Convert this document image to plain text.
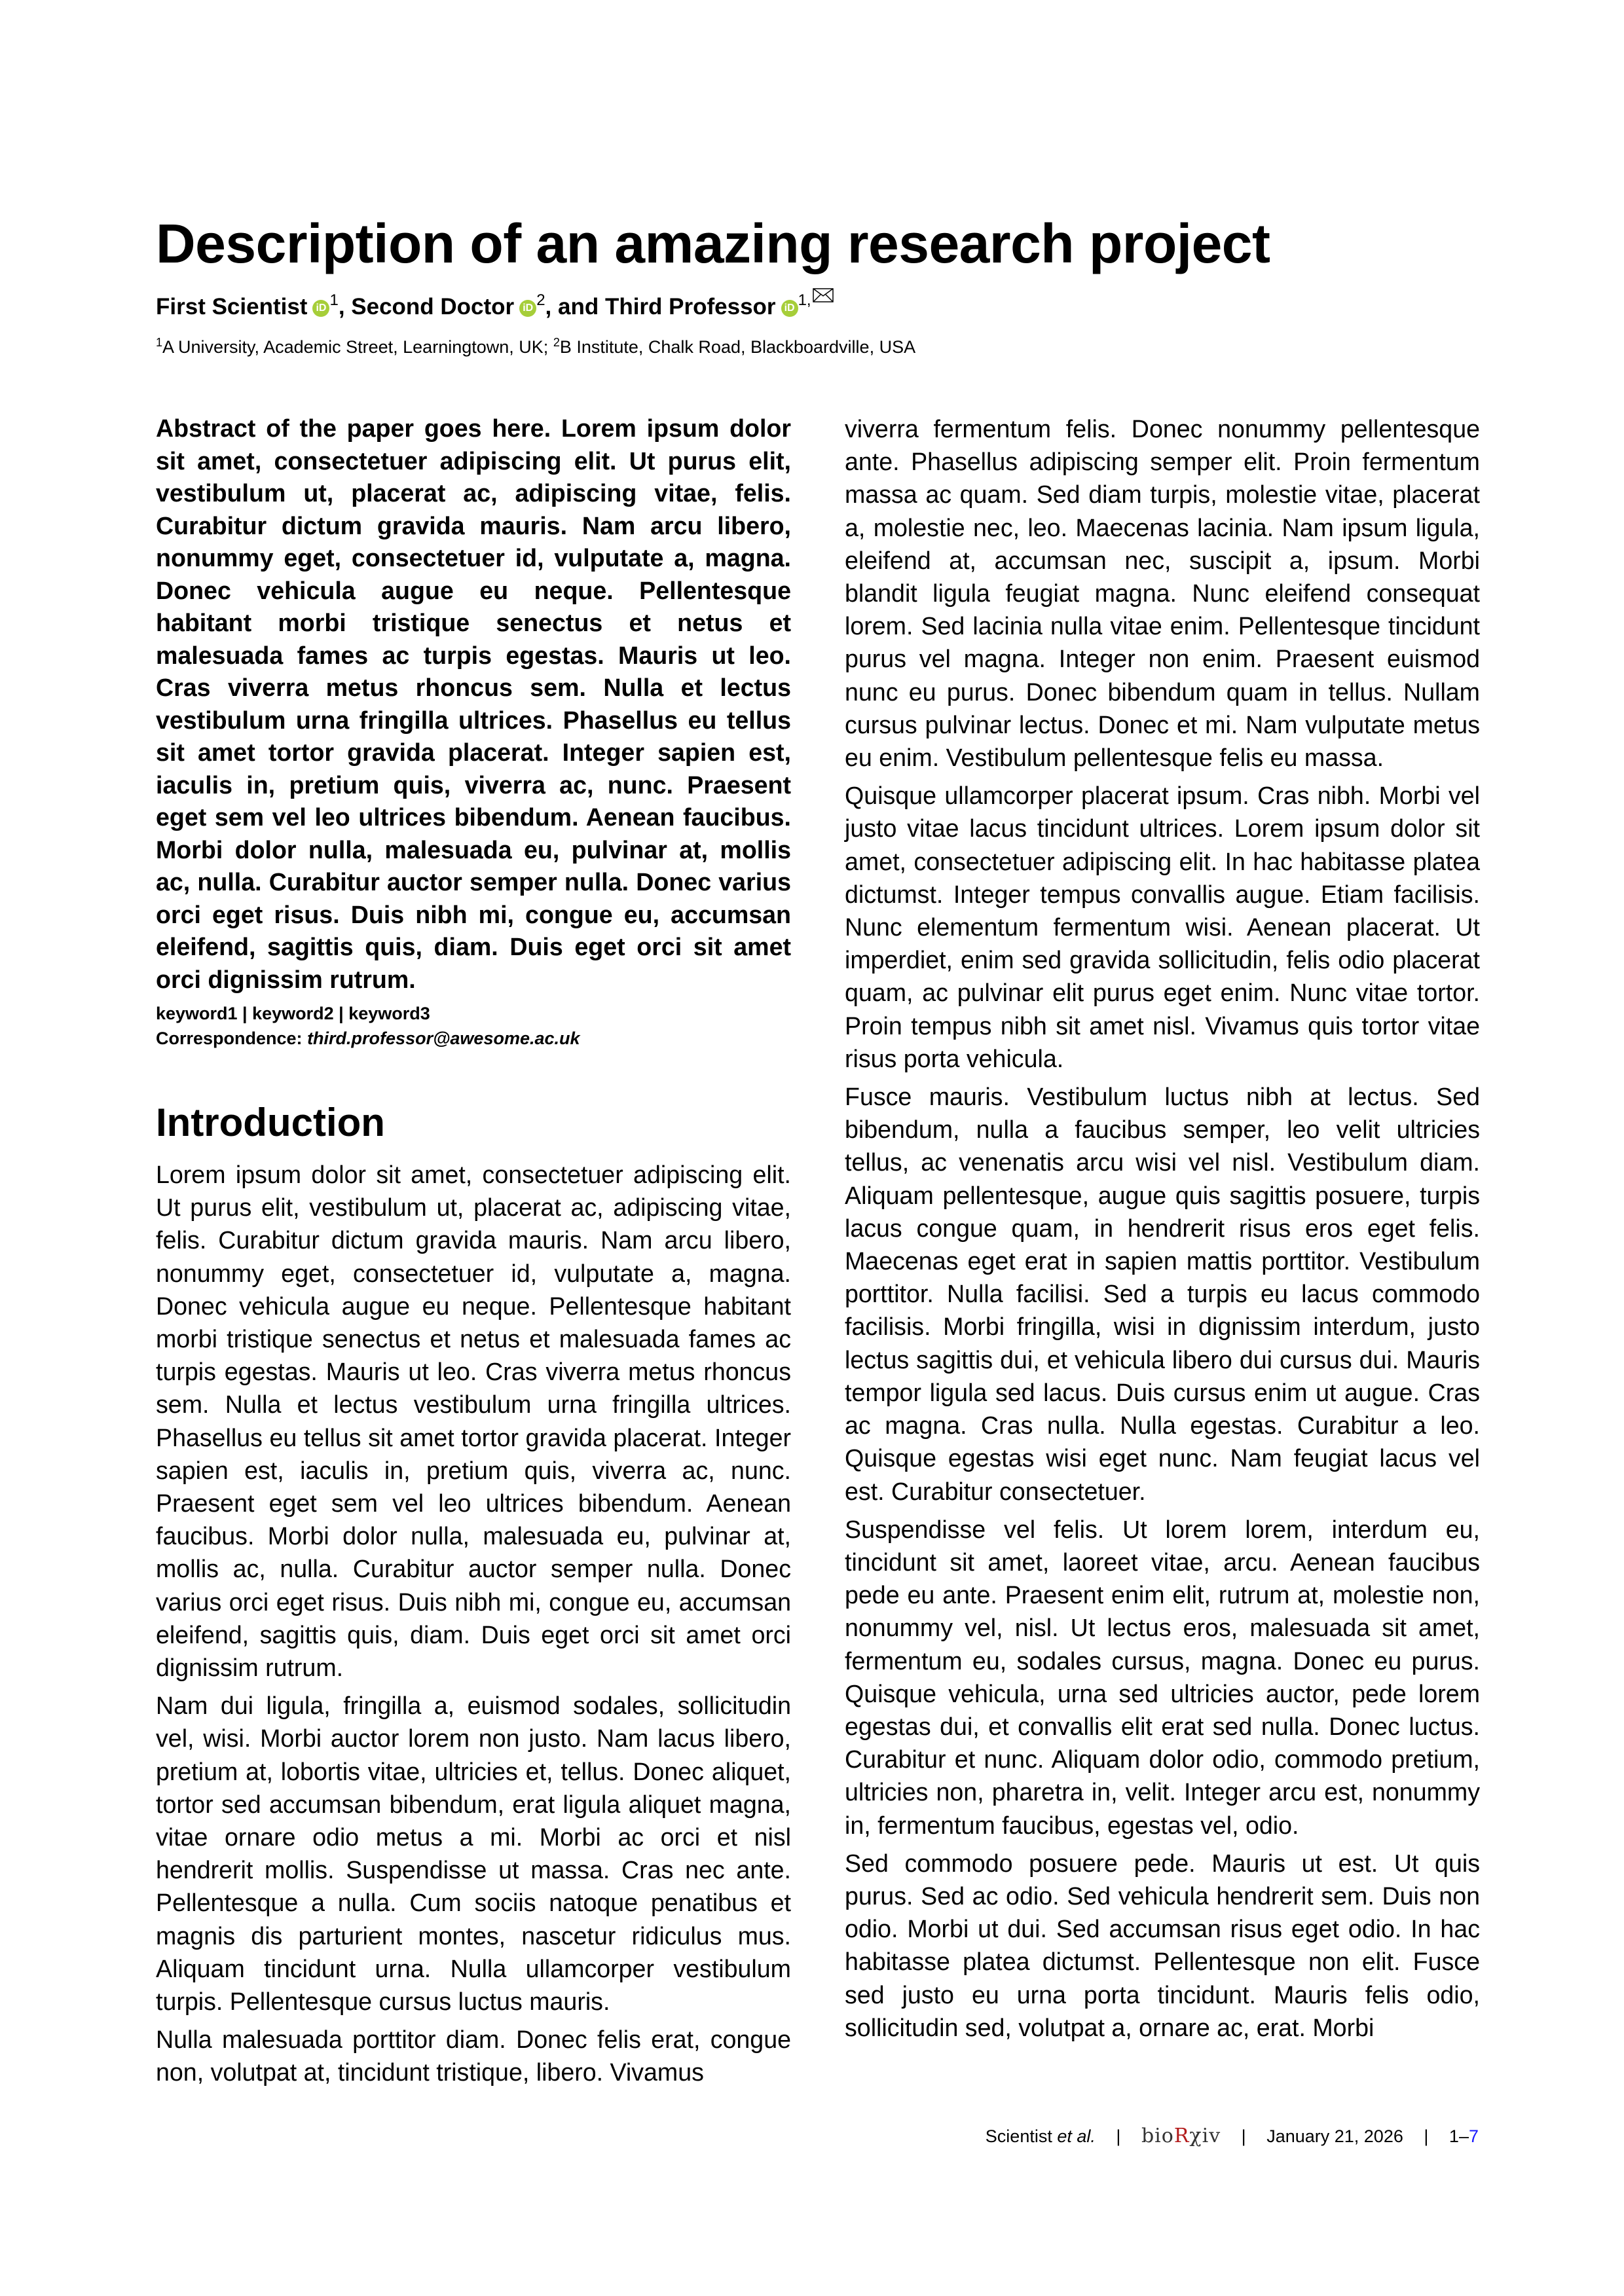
Description of an amazing research project
First Scientist iD $^1$, Second Doctor iD $^2$, and Third Professor iD $^{1,}$
$^1$A University, Academic Street, Learningtown, UK; $^2$B Institute, Chalk Road, Blackboardville, USA

Abstract of the paper goes here. Lorem ipsum dolor sit amet, consectetuer adipiscing elit. Ut purus elit, vestibulum ut, placerat ac, adipiscing vitae, felis. Curabitur dictum gravida mauris. Nam arcu libero, nonummy eget, consectetuer id, vulputate a, magna. Donec vehicula augue eu neque. Pellentesque habitant morbi tristique senectus et netus et malesuada fames ac turpis egestas. Mauris ut leo. Cras viverra metus rhoncus sem. Nulla et lectus vestibulum urna fringilla ultrices. Phasellus eu tellus sit amet tortor gravida placerat. Integer sapien est, iaculis in, pretium quis, viverra ac, nunc. Praesent eget sem vel leo ultrices bibendum. Aenean faucibus. Morbi dolor nulla, malesuada eu, pulvinar at, mollis ac, nulla. Curabitur auctor semper nulla. Donec varius orci eget risus. Duis nibh mi, congue eu, accumsan eleifend, sagittis quis, diam. Duis eget orci sit amet orci dignissim rutrum.

keyword1 | keyword2 | keyword3
Correspondence: third.professor@awesome.ac.uk
Introduction

Lorem ipsum dolor sit amet, consectetuer adipiscing elit. Ut purus elit, vestibulum ut, placerat ac, adipiscing vitae, felis. Curabitur dictum gravida mauris. Nam arcu libero, nonummy eget, consectetuer id, vulputate a, magna. Donec vehicula augue eu neque. Pellentesque habitant morbi tristique senectus et netus et malesuada fames ac turpis egestas. Mauris ut leo. Cras viverra metus rhoncus sem. Nulla et lectus vestibulum urna fringilla ultrices. Phasellus eu tellus sit amet tortor gravida placerat. Integer sapien est, iaculis in, pretium quis, viverra ac, nunc. Praesent eget sem vel leo ultrices bibendum. Aenean faucibus. Morbi dolor nulla, malesuada eu, pulvinar at, mollis ac, nulla. Curabitur auctor semper nulla. Donec varius orci eget risus. Duis nibh mi, congue eu, accumsan eleifend, sagittis quis, diam. Duis eget orci sit amet orci dignissim rutrum.

Nam dui ligula, fringilla a, euismod sodales, sollicitudin vel, wisi. Morbi auctor lorem non justo. Nam lacus libero, pretium at, lobortis vitae, ultricies et, tellus. Donec aliquet, tortor sed accumsan bibendum, erat ligula aliquet magna, vitae ornare odio metus a mi. Morbi ac orci et nisl hendrerit mollis. Suspendisse ut massa. Cras nec ante. Pellentesque a nulla. Cum sociis natoque penatibus et magnis dis parturient montes, nascetur ridiculus mus. Aliquam tincidunt urna. Nulla ullamcorper vestibulum turpis. Pellentesque cursus luctus mauris.

Nulla malesuada porttitor diam. Donec felis erat, congue non, volutpat at, tincidunt tristique, libero. Vivamus

viverra fermentum felis. Donec nonummy pellentesque ante. Phasellus adipiscing semper elit. Proin fermentum massa ac quam. Sed diam turpis, molestie vitae, placerat a, molestie nec, leo. Maecenas lacinia. Nam ipsum ligula, eleifend at, accumsan nec, suscipit a, ipsum. Morbi blandit ligula feugiat magna. Nunc eleifend consequat lorem. Sed lacinia nulla vitae enim. Pellentesque tincidunt purus vel magna. Integer non enim. Praesent euismod nunc eu purus. Donec bibendum quam in tellus. Nullam cursus pulvinar lectus. Donec et mi. Nam vulputate metus eu enim. Vestibulum pellentesque felis eu massa.

Quisque ullamcorper placerat ipsum. Cras nibh. Morbi vel justo vitae lacus tincidunt ultrices. Lorem ipsum dolor sit amet, consectetuer adipiscing elit. In hac habitasse platea dictumst. Integer tempus convallis augue. Etiam facilisis. Nunc elementum fermentum wisi. Aenean placerat. Ut imperdiet, enim sed gravida sollicitudin, felis odio placerat quam, ac pulvinar elit purus eget enim. Nunc vitae tortor. Proin tempus nibh sit amet nisl. Vivamus quis tortor vitae risus porta vehicula.

Fusce mauris. Vestibulum luctus nibh at lectus. Sed bibendum, nulla a faucibus semper, leo velit ultricies tellus, ac venenatis arcu wisi vel nisl. Vestibulum diam. Aliquam pellentesque, augue quis sagittis posuere, turpis lacus congue quam, in hendrerit risus eros eget felis. Maecenas eget erat in sapien mattis porttitor. Vestibulum porttitor. Nulla facilisi. Sed a turpis eu lacus commodo facilisis. Morbi fringilla, wisi in dignissim interdum, justo lectus sagittis dui, et vehicula libero dui cursus dui. Mauris tempor ligula sed lacus. Duis cursus enim ut augue. Cras ac magna. Cras nulla. Nulla egestas. Curabitur a leo. Quisque egestas wisi eget nunc. Nam feugiat lacus vel est. Curabitur consectetuer.

Suspendisse vel felis. Ut lorem lorem, interdum eu, tincidunt sit amet, laoreet vitae, arcu. Aenean faucibus pede eu ante. Praesent enim elit, rutrum at, molestie non, nonummy vel, nisl. Ut lectus eros, malesuada sit amet, fermentum eu, sodales cursus, magna. Donec eu purus. Quisque vehicula, urna sed ultricies auctor, pede lorem egestas dui, et convallis elit erat sed nulla. Donec luctus. Curabitur et nunc. Aliquam dolor odio, commodo pretium, ultricies non, pharetra in, velit. Integer arcu est, nonummy in, fermentum faucibus, egestas vel, odio.

Sed commodo posuere pede. Mauris ut est. Ut quis purus. Sed ac odio. Sed vehicula hendrerit sem. Duis non odio. Morbi ut dui. Sed accumsan risus eget odio. In hac habitasse platea dictumst. Pellentesque non elit. Fusce sed justo eu urna porta tincidunt. Mauris felis odio, sollicitudin sed, volutpat a, ornare ac, erat. Morbi

Scientist et al. | bioRχiv | January 21, 2026 | 1–7
